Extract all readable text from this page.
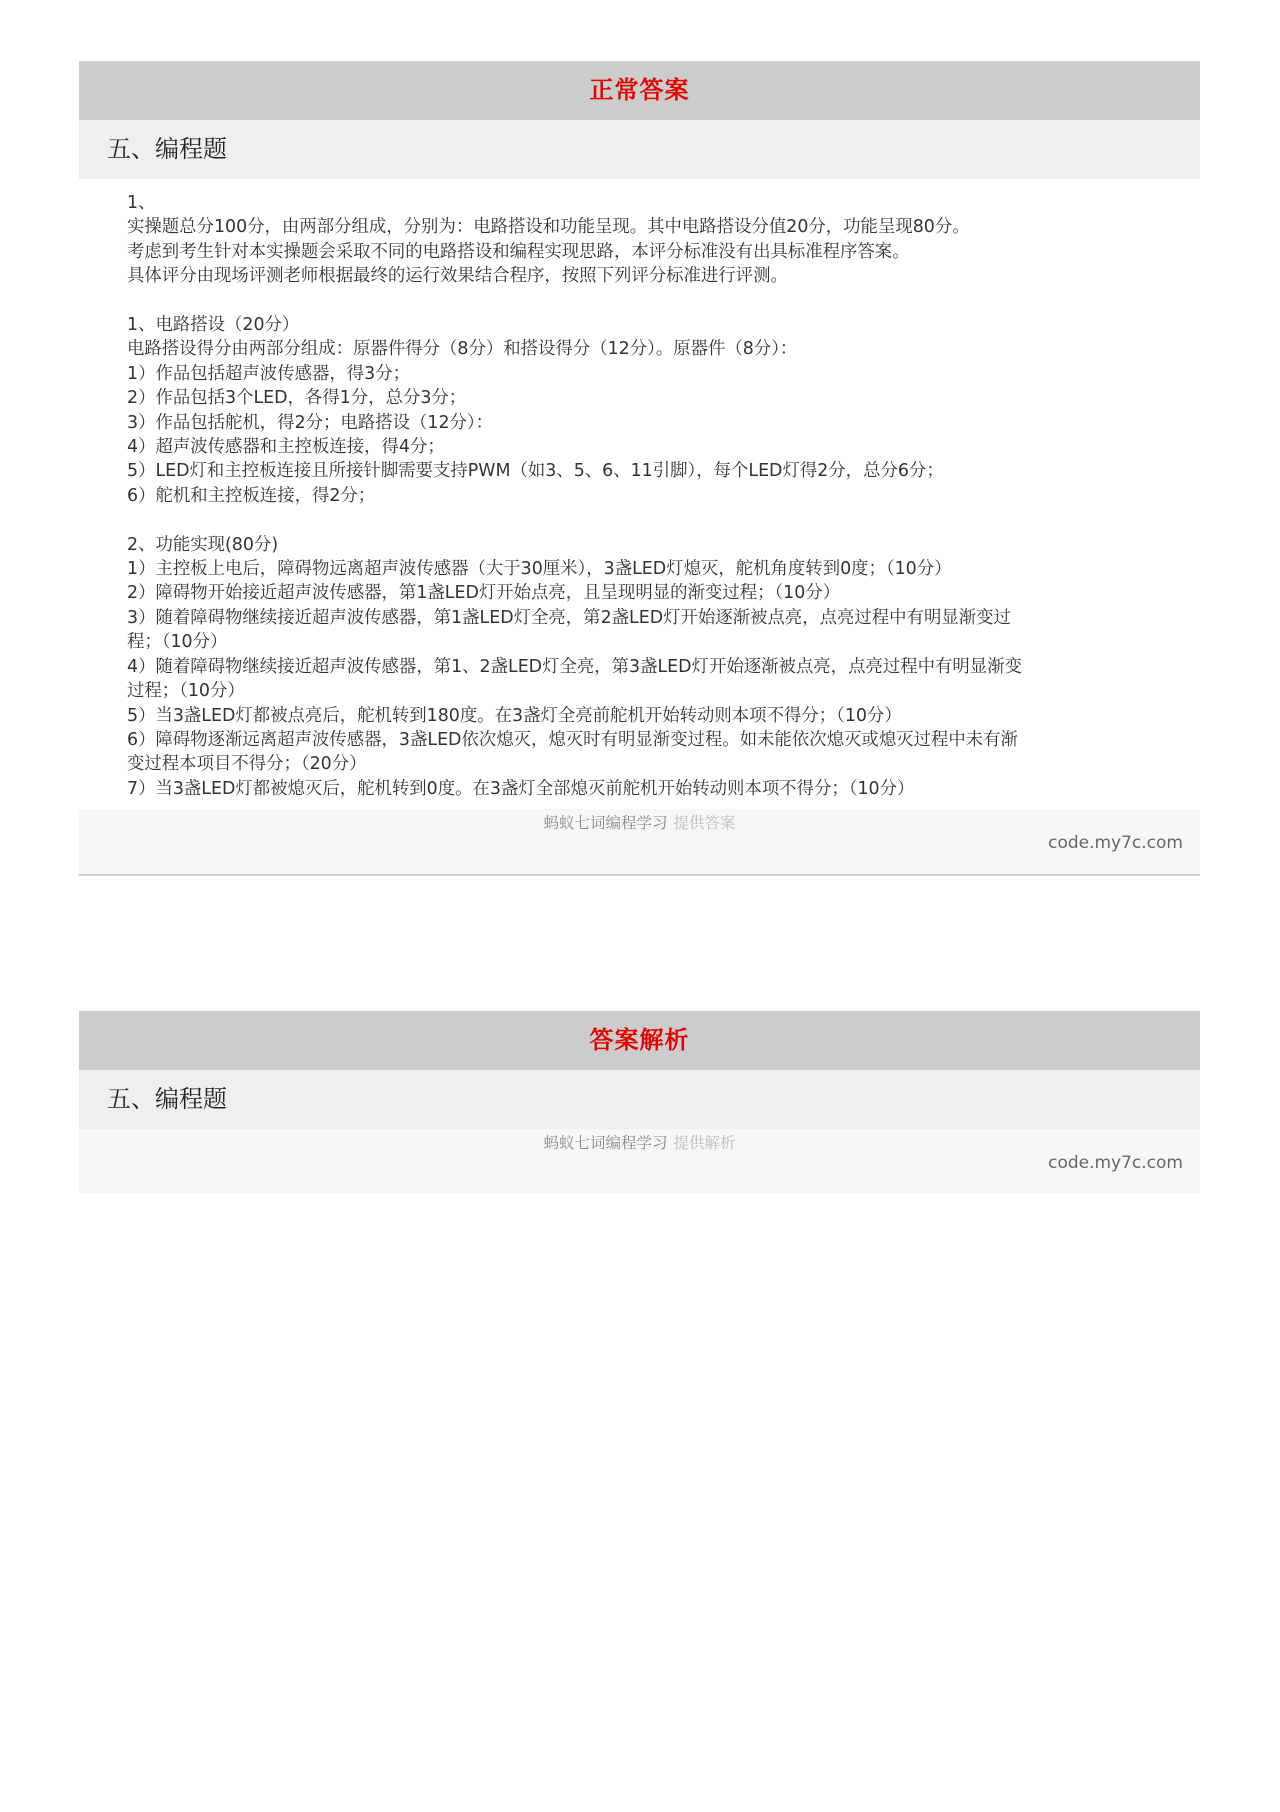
正常答案
五、编程题
1、
实操题总分100分，由两部分组成，分别为：电路搭设和功能呈现。其中电路搭设分值20分，功能呈现80分。
考虑到考生针对本实操题会采取不同的电路搭设和编程实现思路，本评分标准没有出具标准程序答案。
具体评分由现场评测老师根据最终的运行效果结合程序，按照下列评分标准进行评测。
1、电路搭设（20分）
电路搭设得分由两部分组成：原器件得分（8分）和搭设得分（12分）。原器件（8分）：
1）作品包括超声波传感器，得3分；
2）作品包括3个LED，各得1分，总分3分；
3）作品包括舵机，得2分；电路搭设（12分）：
4）超声波传感器和主控板连接，得4分；
5）LED灯和主控板连接且所接针脚需要支持PWM（如3、5、6、11引脚），每个LED灯得2分，总分6分；
6）舵机和主控板连接，得2分；
2、功能实现(80分)
1）主控板上电后，障碍物远离超声波传感器（大于30厘米），3盏LED灯熄灭，舵机角度转到0度；（10分）
2）障碍物开始接近超声波传感器，第1盏LED灯开始点亮，且呈现明显的渐变过程；（10分）
3）随着障碍物继续接近超声波传感器，第1盏LED灯全亮，第2盏LED灯开始逐渐被点亮，点亮过程中有明显渐变过
程；（10分）
4）随着障碍物继续接近超声波传感器，第1、2盏LED灯全亮，第3盏LED灯开始逐渐被点亮，点亮过程中有明显渐变
过程；（10分）
5）当3盏LED灯都被点亮后，舵机转到180度。在3盏灯全亮前舵机开始转动则本项不得分；（10分）
6）障碍物逐渐远离超声波传感器，3盏LED依次熄灭，熄灭时有明显渐变过程。如未能依次熄灭或熄灭过程中未有渐
变过程本项目不得分；（20分）
7）当3盏LED灯都被熄灭后，舵机转到0度。在3盏灯全部熄灭前舵机开始转动则本项不得分；（10分）
蚂蚁七词编程学习 提供答案
code.my7c.com
答案解析
五、编程题
蚂蚁七词编程学习 提供解析
code.my7c.com
